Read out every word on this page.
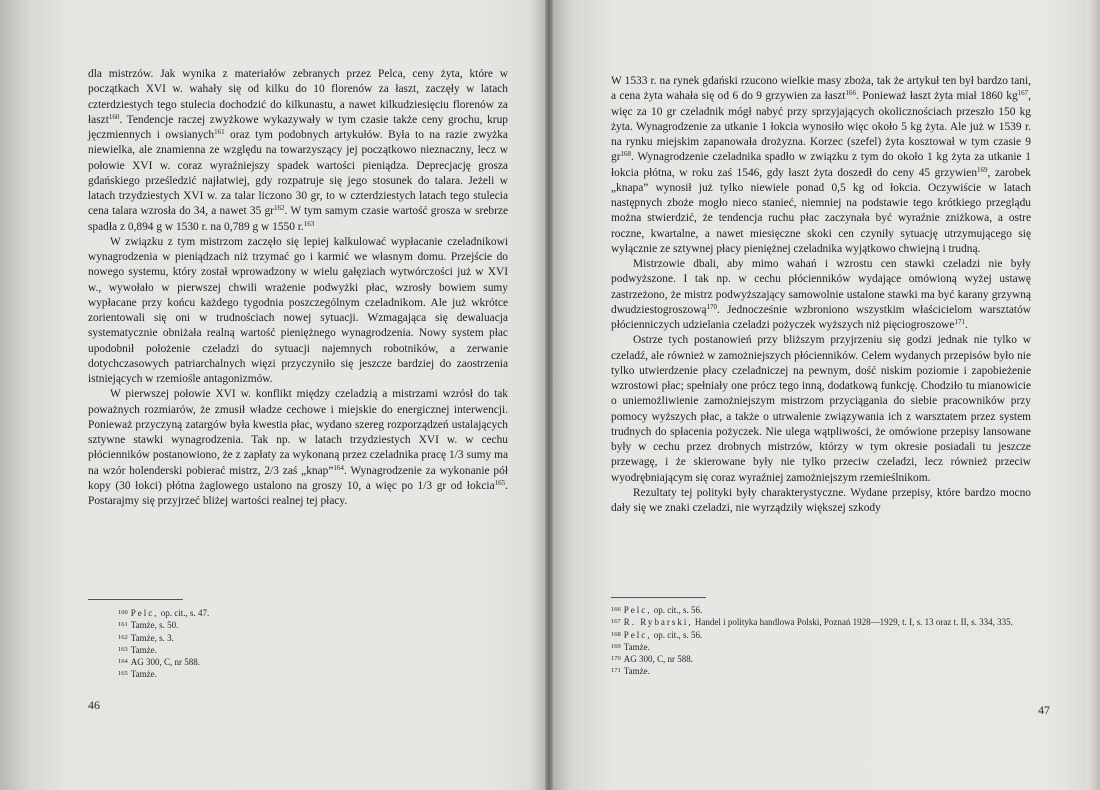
dla mistrzów. Jak wynika z materiałów zebranych przez Pelca, ceny żyta, które w początkach XVI w. wahały się od kilku do 10 florenów za łaszt, zaczęły w latach czterdziestych tego stulecia dochodzić do kilkunastu, a nawet kilkudziesięciu florenów za łaszt$^{160}$. Tendencje raczej zwyżkowe wykazywały w tym czasie także ceny grochu, krup jęczmiennych i owsianych$^{161}$ oraz tym podobnych artykułów. Była to na razie zwyżka niewielka, ale znamienna ze względu na towarzyszący jej początkowo nieznaczny, lecz w połowie XVI w. coraz wyraźniejszy spadek wartości pieniądza. Deprecjację grosza gdańskiego prześledzić najłatwiej, gdy rozpatruje się jego stosunek do talara. Jeżeli w latach trzydziestych XVI w. za talar liczono 30 gr, to w czterdziestych latach tego stulecia cena talara wzrosła do 34, a nawet 35 $gr^{162}$. W tym samym czasie wartość grosza w srebrze spadła z 0,894 g w 1530 r. na 0,789 g w 1550 r.$^{163}$

W związku z tym mistrzom zaczęło się lepiej kalkulować wypłacanie czeladnikowi wynagrodzenia w pieniądzach niż trzymać go i karmić we własnym domu. Przejście do nowego systemu, który został wprowadzony w wielu gałęziach wytwórczości już w XVI w., wywołało w pierwszej chwili wrażenie podwyżki płac, wzrosły bowiem sumy wypłacane przy końcu każdego tygodnia poszczególnym czeladnikom. Ale już wkrótce zorientowali się oni w trudnościach nowej sytuacji. Wzmagająca się dewaluacja systematycznie obniżała realną wartość pieniężnego wynagrodzenia. Nowy system płac upodobnił położenie czeladzi do sytuacji najemnych robotników, a zerwanie dotychczasowych patriarchalnych więzi przyczyniło się jeszcze bardziej do zaostrzenia istniejących w rzemiośle antagonizmów.

W pierwszej połowie XVI w. konflikt między czeladzią a mistrzami wzrósł do tak poważnych rozmiarów, że zmusił władze cechowe i miejskie do energicznej interwencji. Ponieważ przyczyną zatargów była kwestia płac, wydano szereg rozporządzeń ustalających sztywne stawki wynagrodzenia. Tak np. w latach trzydziestych XVI w. w cechu płócienników postanowiono, że z zapłaty za wykonaną przez czeladnika pracę 1/3 sumy ma na wzór holenderski pobierać mistrz, 2/3 zaś „knap”$^{164}$. Wynagrodzenie za wykonanie pół kopy (30 łokci) płótna żaglowego ustalono na groszy 10, a więc po 1/3 gr od łokcia$^{165}$. Postarajmy się przyjrzeć bliżej wartości realnej tej płacy.

$^{160}$ Pelc, op. cit., s. 47.
$^{161}$ Tamże, s. 50.
$^{162}$ Tamże, s. 3.
$^{163}$ Tamże.
$^{164}$ AG 300, C, nr 588.
$^{165}$ Tamże.
46

W 1533 r. na rynek gdański rzucono wielkie masy zboża, tak że artykuł ten był bardzo tani, a cena żyta wahała się od 6 do 9 grzywien za łaszt$^{166}$. Ponieważ łaszt żyta miał 1860 $kg^{167}$, więc za 10 gr czeladnik mógł nabyć przy sprzyjających okolicznościach przeszło 150 kg żyta. Wynagrodzenie za utkanie 1 łokcia wynosiło więc około 5 kg żyta. Ale już w 1539 r. na rynku miejskim zapanowała drożyzna. Korzec (szefel) żyta kosztował w tym czasie 9 $gr^{168}$. Wynagrodzenie czeladnika spadło w związku z tym do około 1 kg żyta za utkanie 1 łokcia płótna, w roku zaś 1546, gdy łaszt żyta doszedł do ceny 45 grzywien$^{169}$, zarobek „knapa” wynosił już tylko niewiele ponad 0,5 kg od łokcia. Oczywiście w latach następnych zboże mogło nieco stanieć, niemniej na podstawie tego krótkiego przeglądu można stwierdzić, że tendencja ruchu płac zaczynała być wyraźnie zniżkowa, a ostre roczne, kwartalne, a nawet miesięczne skoki cen czyniły sytuację utrzymującego się wyłącznie ze sztywnej płacy pieniężnej czeladnika wyjątkowo chwiejną i trudną.

Mistrzowie dbali, aby mimo wahań i wzrostu cen stawki czeladzi nie były podwyższone. I tak np. w cechu płócienników wydające omówioną wyżej ustawę zastrzeżono, że mistrz podwyższający samowolnie ustalone stawki ma być karany grzywną dwudziestogroszową$^{170}$. Jednocześnie wzbroniono wszystkim właścicielom warsztatów płócienniczych udzielania czeladzi pożyczek wyższych niż pięciogroszowe$^{171}$.

Ostrze tych postanowień przy bliższym przyjrzeniu się godzi jednak nie tylko w czeladź, ale również w zamożniejszych płócienników. Celem wydanych przepisów było nie tylko utwierdzenie płacy czeladniczej na pewnym, dość niskim poziomie i zapobieżenie wzrostowi płac; spełniały one prócz tego inną, dodatkową funkcję. Chodziło tu mianowicie o uniemożliwienie zamożniejszym mistrzom przyciągania do siebie pracowników przy pomocy wyższych płac, a także o utrwalenie związywania ich z warsztatem przez system trudnych do spłacenia pożyczek. Nie ulega wątpliwości, że omówione przepisy lansowane były w cechu przez drobnych mistrzów, którzy w tym okresie posiadali tu jeszcze przewagę, i że skierowane były nie tylko przeciw czeladzi, lecz również przeciw wyodrębniającym się coraz wyraźniej zamożniejszym rzemieślnikom.

Rezultaty tej polityki były charakterystyczne. Wydane przepisy, które bardzo mocno dały się we znaki czeladzi, nie wyrządziły większej szkody

$^{166}$ Pelc, op. cit., s. 56.
$^{167}$ R. Rybarski, Handel i polityka handlowa Polski, Poznań 1928—1929, t. I, s. 13 oraz t. II, s. 334, 335.
$^{168}$ Pelc, op. cit., s. 56.
$^{169}$ Tamże.
$^{170}$ AG 300, C, nr 588.
$^{171}$ Tamże.
47
